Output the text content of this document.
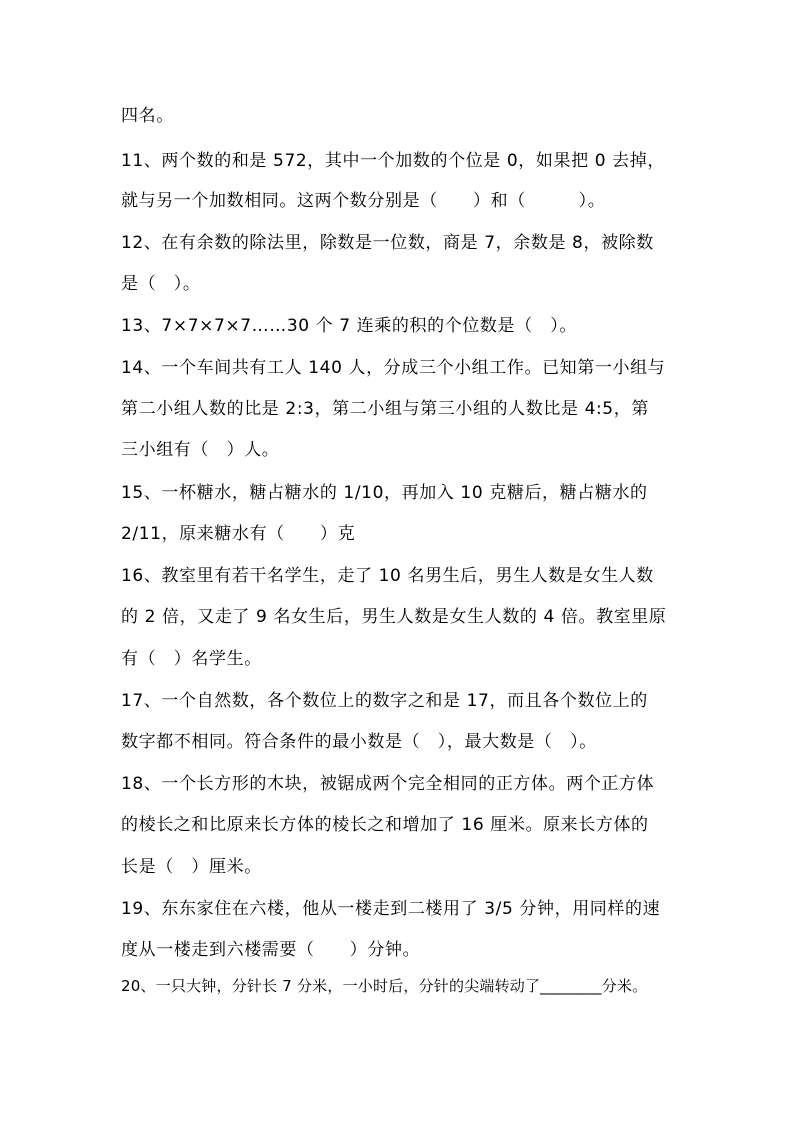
四名。
11、两个数的和是 572，其中一个加数的个位是 0，如果把 0 去掉，
就与另一个加数相同。这两个数分别是（　　）和（　　　）。
12、在有余数的除法里，除数是一位数，商是 7，余数是 8，被除数
是（　）。
13、7×7×7×7……30 个 7 连乘的积的个位数是（　）。
14、一个车间共有工人 140 人，分成三个小组工作。已知第一小组与
第二小组人数的比是 2:3，第二小组与第三小组的人数比是 4:5，第
三小组有（　）人。
15、一杯糖水，糖占糖水的 1/10，再加入 10 克糖后，糖占糖水的
2/11，原来糖水有（　　）克
16、教室里有若干名学生，走了 10 名男生后，男生人数是女生人数
的 2 倍，又走了 9 名女生后，男生人数是女生人数的 4 倍。教室里原
有（　）名学生。
17、一个自然数，各个数位上的数字之和是 17，而且各个数位上的
数字都不相同。符合条件的最小数是（　），最大数是（　）。
18、一个长方形的木块，被锯成两个完全相同的正方体。两个正方体
的棱长之和比原来长方体的棱长之和增加了 16 厘米。原来长方体的
长是（　）厘米。
19、东东家住在六楼，他从一楼走到二楼用了 3/5 分钟，用同样的速
度从一楼走到六楼需要（　　）分钟。
20、一只大钟，分针长 7 分米，一小时后，分针的尖端转动了________分米。
